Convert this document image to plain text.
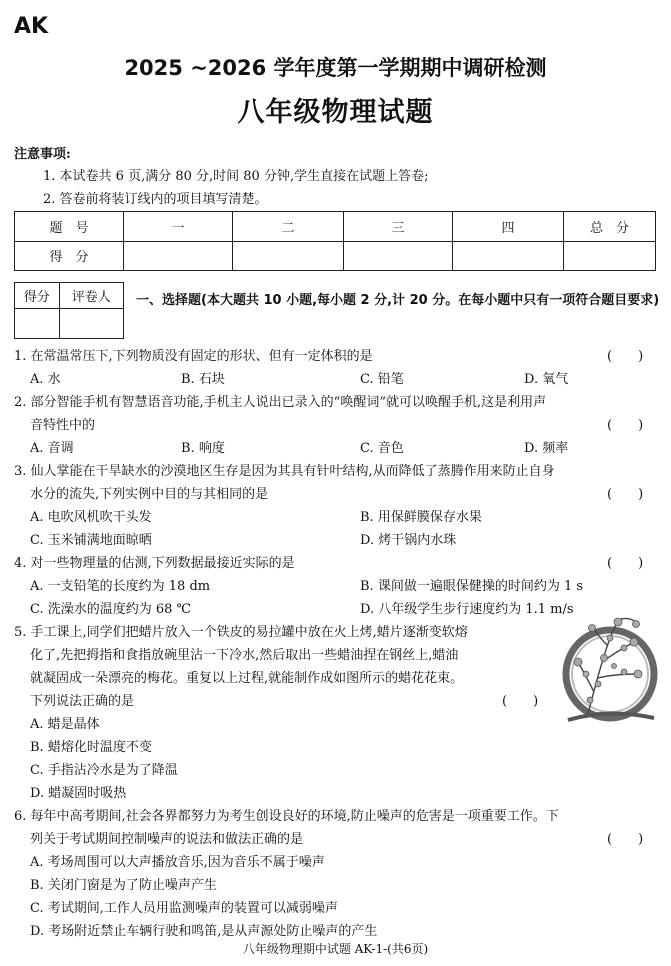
AK
2025 ~2026 学年度第一学期期中调研检测
八年级物理试题
注意事项:
1. 本试卷共 6 页,满分 80 分,时间 80 分钟,学生直接在试题上答卷;
2. 答卷前将装订线内的项目填写清楚。
题　号	一	二	三	四	总　分
得　分					
得分	评卷人
	一、选择题(本大题共 10 小题,每小题 2 分,计 20 分。在每小题中只有一项符合题目要求)
1. 在常温常压下,下列物质没有固定的形状、但有一定体积的是	(　　)
A. 水	B. 石块	C. 铅笔	D. 氧气
2. 部分智能手机有智慧语音功能,手机主人说出已录入的“唤醒词”就可以唤醒手机,这是利用声
音特性中的	(　　)
A. 音调	B. 响度	C. 音色	D. 频率
3. 仙人掌能在干旱缺水的沙漠地区生存是因为其具有针叶结构,从而降低了蒸腾作用来防止自身
水分的流失,下列实例中目的与其相同的是	(　　)
A. 电吹风机吹干头发	B. 用保鲜膜保存水果
C. 玉米铺满地面晾晒	D. 烤干锅内水珠
4. 对一些物理量的估测,下列数据最接近实际的是	(　　)
A. 一支铅笔的长度约为 18 dm	B. 课间做一遍眼保健操的时间约为 1 s
C. 洗澡水的温度约为 68 ℃	D. 八年级学生步行速度约为 1.1 m/s
5. 手工课上,同学们把蜡片放入一个铁皮的易拉罐中放在火上烤,蜡片逐渐变软熔
化了,先把拇指和食指放碗里沾一下冷水,然后取出一些蜡油捏在钢丝上,蜡油
就凝固成一朵漂亮的梅花。重复以上过程,就能制作成如图所示的蜡花花束。
下列说法正确的是	(　　)
A. 蜡是晶体
B. 蜡熔化时温度不变
C. 手指沾冷水是为了降温
D. 蜡凝固时吸热
6. 每年中高考期间,社会各界都努力为考生创设良好的环境,防止噪声的危害是一项重要工作。下
列关于考试期间控制噪声的说法和做法正确的是	(　　)
A. 考场周围可以大声播放音乐,因为音乐不属于噪声
B. 关闭门窗是为了防止噪声产生
C. 考试期间,工作人员用监测噪声的装置可以减弱噪声
D. 考场附近禁止车辆行驶和鸣笛,是从声源处防止噪声的产生
八年级物理期中试题 AK-1-(共6页)
